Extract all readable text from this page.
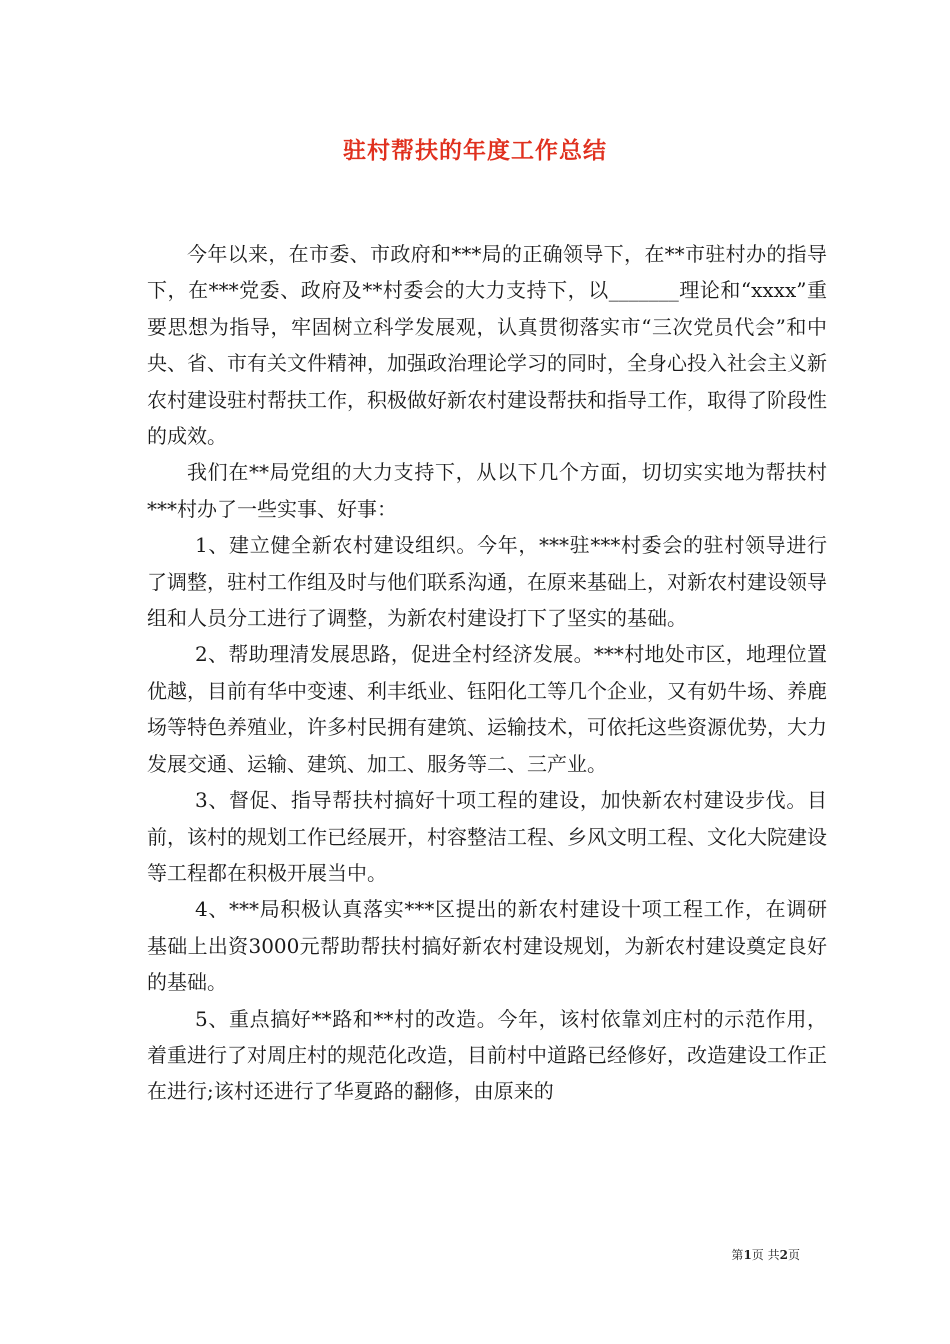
驻村帮扶的年度工作总结

今年以来，在市委、市政府和***局的正确领导下，在**市驻村办的指导下，在***党委、政府及**村委会的大力支持下，以_______理论和“xxxx”重要思想为指导，牢固树立科学发展观，认真贯彻落实市“三次党员代会”和中央、省、市有关文件精神，加强政治理论学习的同时，全身心投入社会主义新农村建设驻村帮扶工作，积极做好新农村建设帮扶和指导工作，取得了阶段性的成效。

我们在**局党组的大力支持下，从以下几个方面，切切实实地为帮扶村***村办了一些实事、好事：

1、建立健全新农村建设组织。今年，***驻***村委会的驻村领导进行了调整，驻村工作组及时与他们联系沟通，在原来基础上，对新农村建设领导组和人员分工进行了调整，为新农村建设打下了坚实的基础。

2、帮助理清发展思路，促进全村经济发展。***村地处市区，地理位置优越，目前有华中变速、利丰纸业、钰阳化工等几个企业，又有奶牛场、养鹿场等特色养殖业，许多村民拥有建筑、运输技术，可依托这些资源优势，大力发展交通、运输、建筑、加工、服务等二、三产业。

3、督促、指导帮扶村搞好十项工程的建设，加快新农村建设步伐。目前，该村的规划工作已经展开，村容整洁工程、乡风文明工程、文化大院建设等工程都在积极开展当中。

4、***局积极认真落实***区提出的新农村建设十项工程工作，在调研基础上出资3000元帮助帮扶村搞好新农村建设规划，为新农村建设奠定良好的基础。

5、重点搞好**路和**村的改造。今年，该村依靠刘庄村的示范作用，着重进行了对周庄村的规范化改造，目前村中道路已经修好，改造建设工作正在进行;该村还进行了华夏路的翻修，由原来的

第1页 共2页
